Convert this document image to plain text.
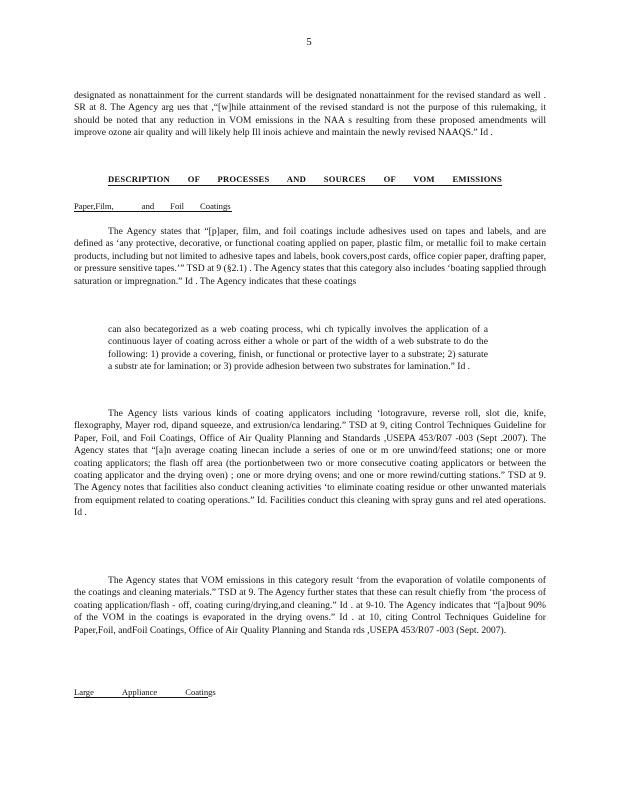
5

designated as nonattainment for the current standards will be designated nonattainment for the revised standard as well . SR at 8. The Agency arg ues that ,“[w]hile attainment of the revised standard is not the purpose of this rulemaking, it should be noted that any reduction in VOM emissions in the NAA s resulting from these proposed amendments will improve ozone air quality and will likely help Ill inois achieve and maintain the newly revised NAAQS.” Id .

DESCRIPTION OF PROCESSES AND SOURCES OF VOM EMISSIONS
Paper,Film,	and Foil Coatings

The Agency states that “[p]aper, film, and foil coatings include adhesives used on tapes and labels, and are defined as ‘any protective, decorative, or functional coating applied on paper, plastic film, or metallic foil to make certain products, including but not limited to adhesive tapes and labels, book covers,post cards, office copier paper, drafting paper, or pressure sensitive tapes.’” TSD at 9 (§2.1) . The Agency states that this category also includes ‘boating sapplied through saturation or impregnation.” Id . The Agency indicates that these coatings

can also becategorized as a web coating process, whi ch typically involves the application of a continuous layer of coating across either a whole or part of the width of a web substrate to do the following: 1) provide a covering, finish, or functional or protective layer to a substrate; 2) saturate a substr ate for lamination; or 3) provide adhesion between two substrates for lamination.” Id .

The Agency lists various kinds of coating applicators including ‘lotogravure, reverse roll, slot die, knife, flexography, Mayer rod, dipand squeeze, and extrusion/ca lendaring.” TSD at 9, citing Control Techniques Guideline for Paper, Foil, and Foil Coatings, Office of Air Quality Planning and Standards ,USEPA 453/R07 -003 (Sept .2007). The Agency states that “[a]n average coating linecan include a series of one or m ore unwind/feed stations; one or more coating applicators; the flash off area (the portionbetween two or more consecutive coating applicators or between the coating applicator and the drying oven) ; one or more drying ovens; and one or more rewind/cutting stations.” TSD at 9. The Agency notes that facilities also conduct cleaning activities ‘to eliminate coating residue or other unwanted materials from equipment related to coating operations.” Id. Facilities conduct this cleaning with spray guns and rel ated operations. Id .

The Agency states that VOM emissions in this category result ‘from the evaporation of volatile components of the coatings and cleaning materials.” TSD at 9. The Agency further states that these can result chiefly from ‘the process of coating application/flash - off, coating curing/drying,and cleaning.” Id . at 9-10. The Agency indicates that “[a]bout 90% of the VOM in the coatings is evaporated in the drying ovens.” Id . at 10, citing Control Techniques Guideline for Paper,Foil, andFoil Coatings, Office of Air Quality Planning and Standa rds ,USEPA 453/R07 -003 (Sept. 2007).

Large	Appliance	Coatings
